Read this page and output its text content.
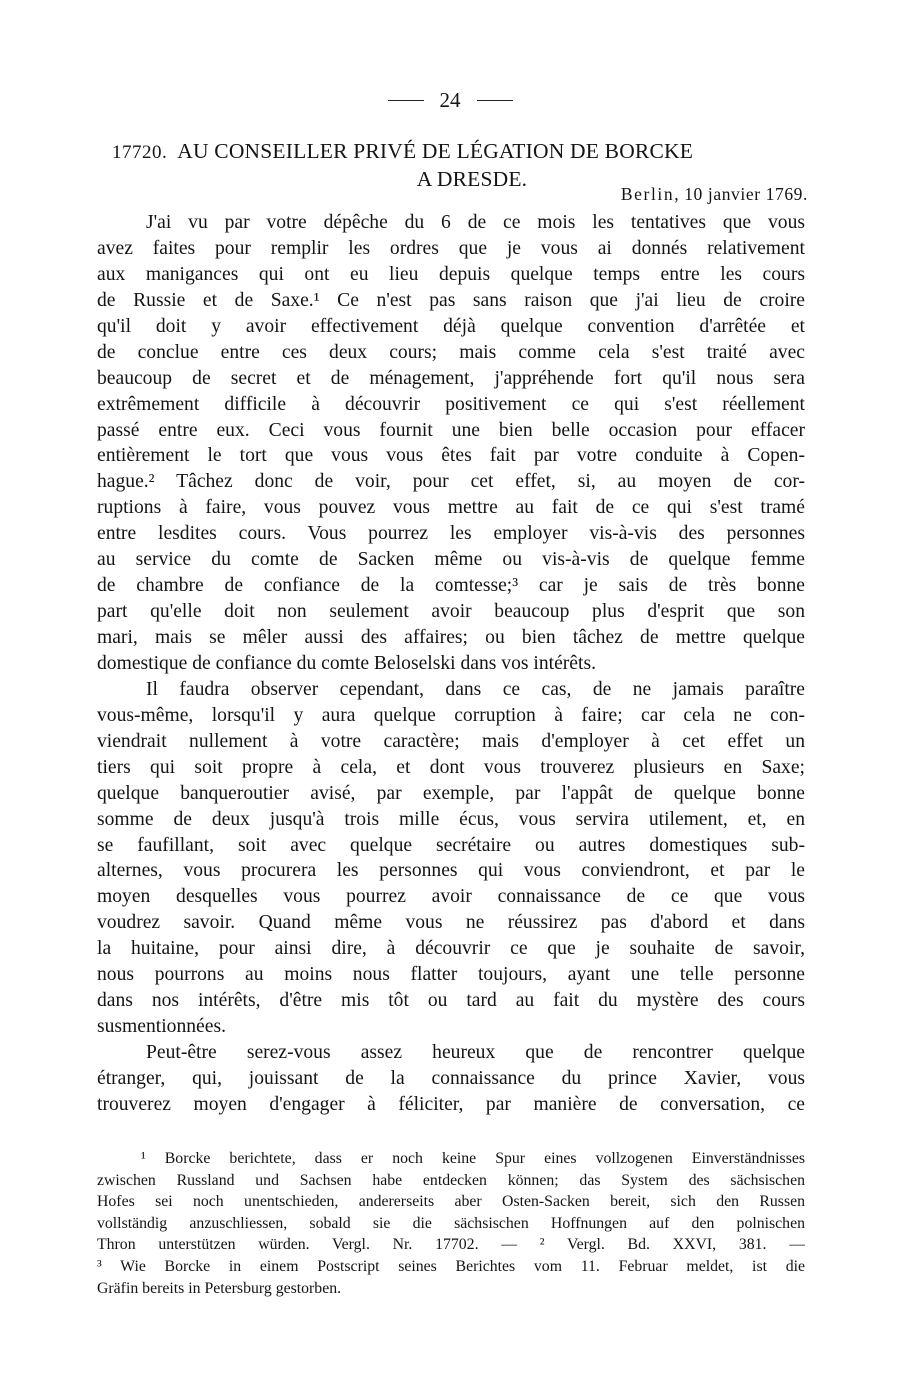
24
17720. AU CONSEILLER PRIVÉ DE LÉGATION DE BORCKE
A DRESDE.
Berlin, 10 janvier 1769.
J'ai vu par votre dépêche du 6 de ce mois les tentatives que vous
avez faites pour remplir les ordres que je vous ai donnés relativement
aux manigances qui ont eu lieu depuis quelque temps entre les cours
de Russie et de Saxe.¹ Ce n'est pas sans raison que j'ai lieu de croire
qu'il doit y avoir effectivement déjà quelque convention d'arrêtée et
de conclue entre ces deux cours; mais comme cela s'est traité avec
beaucoup de secret et de ménagement, j'appréhende fort qu'il nous sera
extrêmement difficile à découvrir positivement ce qui s'est réellement
passé entre eux. Ceci vous fournit une bien belle occasion pour effacer
entièrement le tort que vous vous êtes fait par votre conduite à Copen-
hague.² Tâchez donc de voir, pour cet effet, si, au moyen de cor-
ruptions à faire, vous pouvez vous mettre au fait de ce qui s'est tramé
entre lesdites cours. Vous pourrez les employer vis-à-vis des personnes
au service du comte de Sacken même ou vis-à-vis de quelque femme
de chambre de confiance de la comtesse;³ car je sais de très bonne
part qu'elle doit non seulement avoir beaucoup plus d'esprit que son
mari, mais se mêler aussi des affaires; ou bien tâchez de mettre quelque
domestique de confiance du comte Beloselski dans vos intérêts.
Il faudra observer cependant, dans ce cas, de ne jamais paraître
vous-même, lorsqu'il y aura quelque corruption à faire; car cela ne con-
viendrait nullement à votre caractère; mais d'employer à cet effet un
tiers qui soit propre à cela, et dont vous trouverez plusieurs en Saxe;
quelque banqueroutier avisé, par exemple, par l'appât de quelque bonne
somme de deux jusqu'à trois mille écus, vous servira utilement, et, en
se faufillant, soit avec quelque secrétaire ou autres domestiques sub-
alternes, vous procurera les personnes qui vous conviendront, et par le
moyen desquelles vous pourrez avoir connaissance de ce que vous
voudrez savoir. Quand même vous ne réussirez pas d'abord et dans
la huitaine, pour ainsi dire, à découvrir ce que je souhaite de savoir,
nous pourrons au moins nous flatter toujours, ayant une telle personne
dans nos intérêts, d'être mis tôt ou tard au fait du mystère des cours
susmentionnées.
Peut-être serez-vous assez heureux que de rencontrer quelque
étranger, qui, jouissant de la connaissance du prince Xavier, vous
trouverez moyen d'engager à féliciter, par manière de conversation, ce
¹ Borcke berichtete, dass er noch keine Spur eines vollzogenen Einverständnisses
zwischen Russland und Sachsen habe entdecken können; das System des sächsischen
Hofes sei noch unentschieden, andererseits aber Osten-Sacken bereit, sich den Russen
vollständig anzuschliessen, sobald sie die sächsischen Hoffnungen auf den polnischen
Thron unterstützen würden. Vergl. Nr. 17702. — ² Vergl. Bd. XXVI, 381. —
³ Wie Borcke in einem Postscript seines Berichtes vom 11. Februar meldet, ist die
Gräfin bereits in Petersburg gestorben.
